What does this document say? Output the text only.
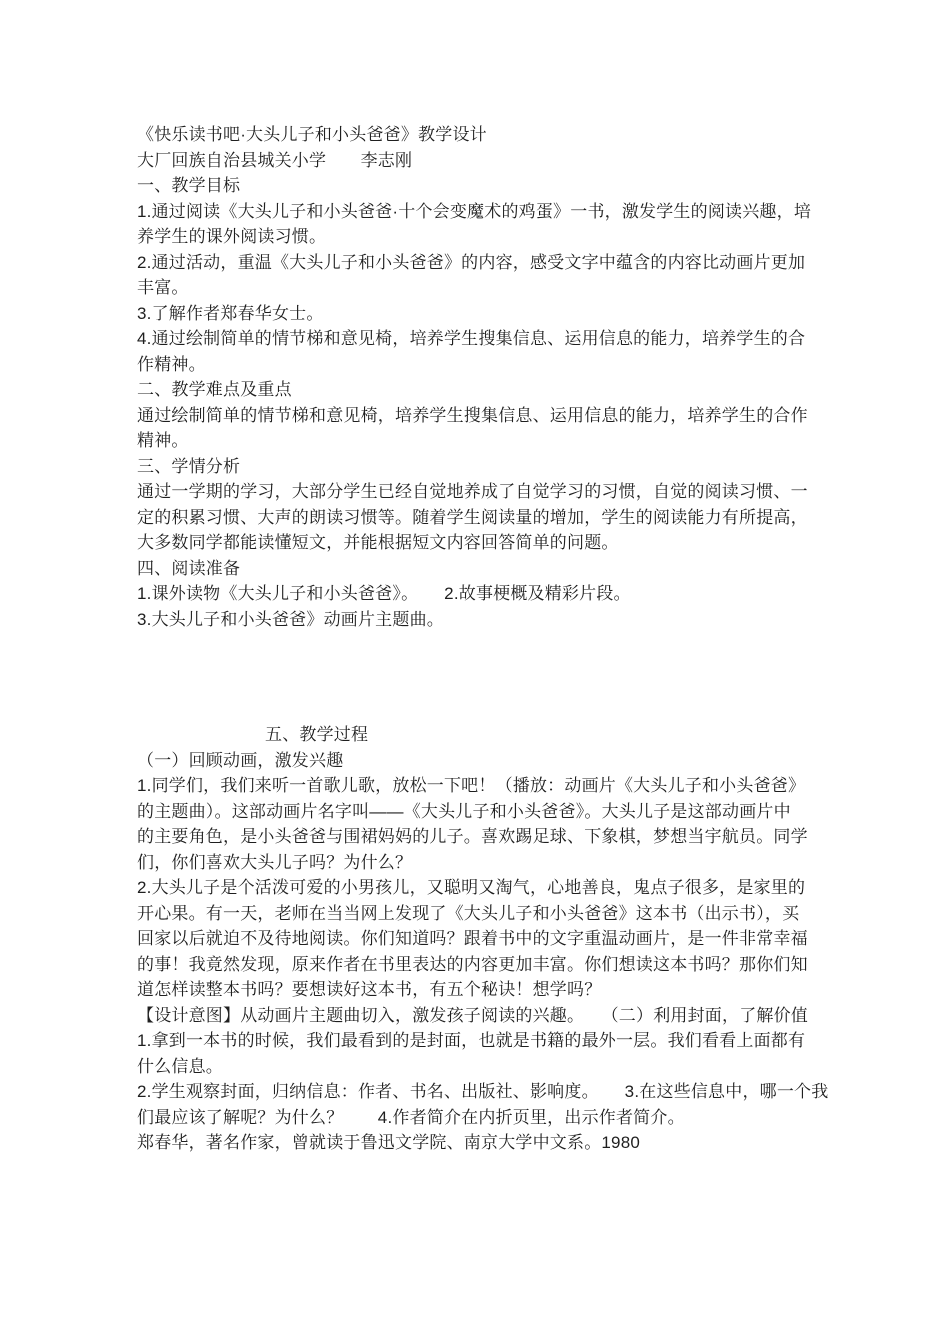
《快乐读书吧·大头儿子和小头爸爸》教学设计
大厂回族自治县城关小学　　李志刚
一、教学目标
1.通过阅读《大头儿子和小头爸爸·十个会变魔术的鸡蛋》一书，激发学生的阅读兴趣，培
养学生的课外阅读习惯。
2.通过活动，重温《大头儿子和小头爸爸》的内容，感受文字中蕴含的内容比动画片更加
丰富。
3.了解作者郑春华女士。
4.通过绘制简单的情节梯和意见椅，培养学生搜集信息、运用信息的能力，培养学生的合
作精神。
二、教学难点及重点
通过绘制简单的情节梯和意见椅，培养学生搜集信息、运用信息的能力，培养学生的合作
精神。
三、学情分析
通过一学期的学习，大部分学生已经自觉地养成了自觉学习的习惯，自觉的阅读习惯、一
定的积累习惯、大声的朗读习惯等。随着学生阅读量的增加，学生的阅读能力有所提高，
大多数同学都能读懂短文，并能根据短文内容回答简单的问题。
四、阅读准备
1.课外读物《大头儿子和小头爸爸》。　　2.故事梗概及精彩片段。
3.大头儿子和小头爸爸》动画片主题曲。
五、教学过程
（一）回顾动画，激发兴趣
1.同学们，我们来听一首歌儿歌，放松一下吧！（播放：动画片《大头儿子和小头爸爸》
的主题曲）。这部动画片名字叫——《大头儿子和小头爸爸》。大头儿子是这部动画片中
的主要角色，是小头爸爸与围裙妈妈的儿子。喜欢踢足球、下象棋，梦想当宇航员。同学
们，你们喜欢大头儿子吗？为什么？
2.大头儿子是个活泼可爱的小男孩儿，又聪明又淘气，心地善良，鬼点子很多，是家里的
开心果。有一天，老师在当当网上发现了《大头儿子和小头爸爸》这本书（出示书），买
回家以后就迫不及待地阅读。你们知道吗？跟着书中的文字重温动画片，是一件非常幸福
的事！我竟然发现，原来作者在书里表达的内容更加丰富。你们想读这本书吗？那你们知
道怎样读整本书吗？要想读好这本书，有五个秘诀！想学吗？
【设计意图】从动画片主题曲切入，激发孩子阅读的兴趣。　　（二）利用封面，了解价值
1.拿到一本书的时候，我们最看到的是封面，也就是书籍的最外一层。我们看看上面都有
什么信息。
2.学生观察封面，归纳信息：作者、书名、出版社、影响度。　　3.在这些信息中，哪一个我
们最应该了解呢？为什么？　　4.作者简介在内折页里，出示作者简介。
郑春华，著名作家，曾就读于鲁迅文学院、南京大学中文系。1980
